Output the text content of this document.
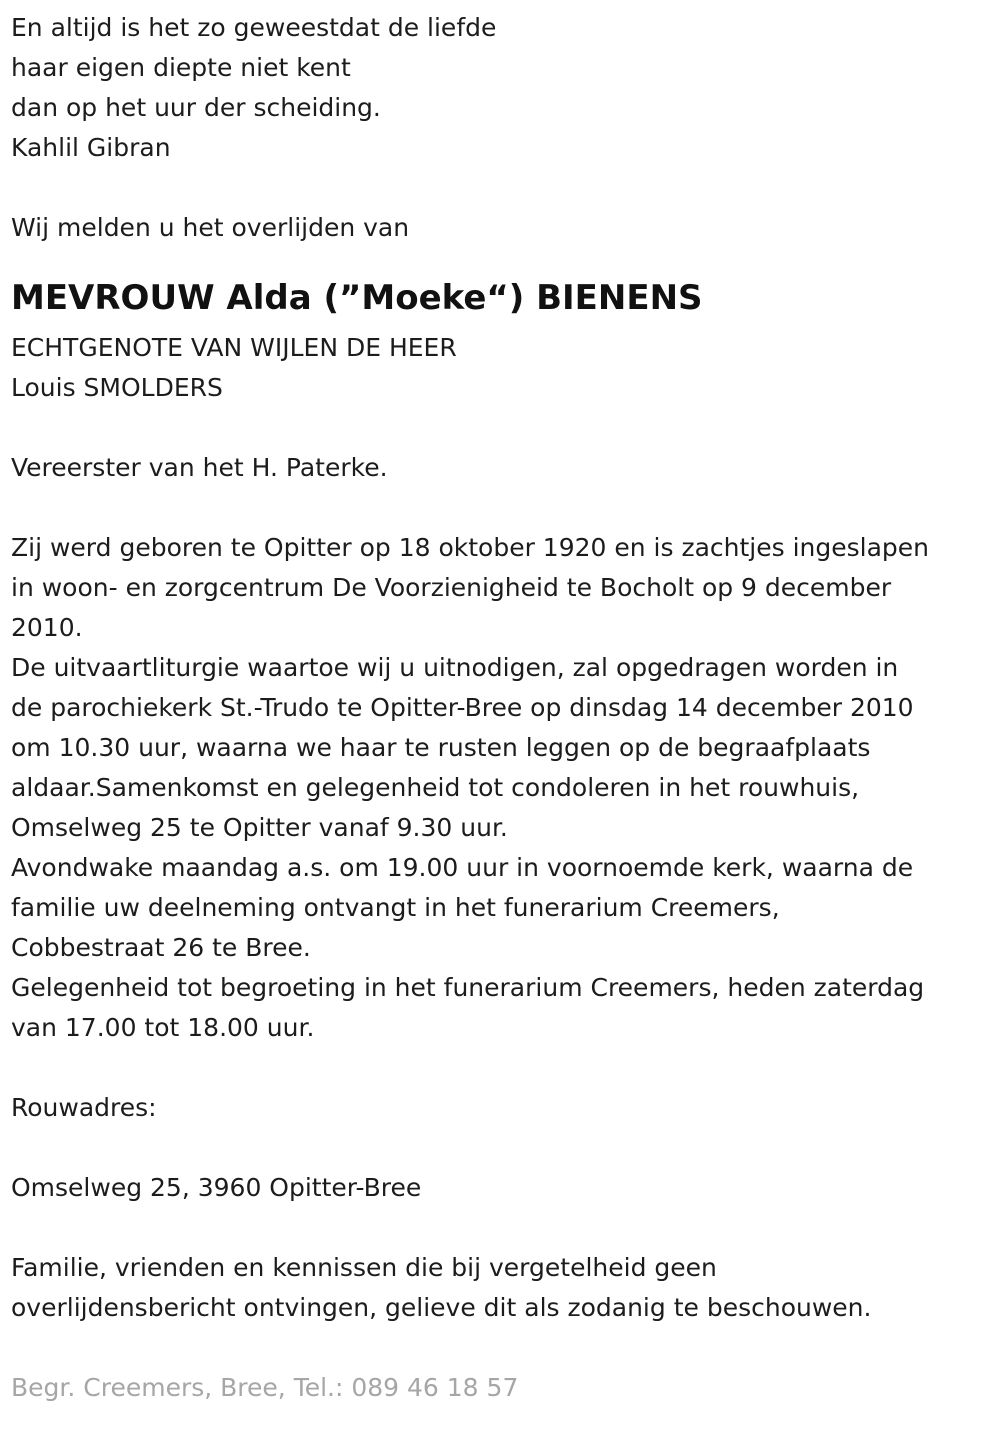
En altijd is het zo geweestdat de liefde
haar eigen diepte niet kent
dan op het uur der scheiding.
Kahlil Gibran
Wij melden u het overlijden van
MEVROUW Alda (”Moeke“) BIENENS
ECHTGENOTE VAN WIJLEN DE HEER
Louis SMOLDERS
Vereerster van het H. Paterke.
Zij werd geboren te Opitter op 18 oktober 1920 en is zachtjes ingeslapen
in woon- en zorgcentrum De Voorzienigheid te Bocholt op 9 december
2010.
De uitvaartliturgie waartoe wij u uitnodigen, zal opgedragen worden in
de parochiekerk St.-Trudo te Opitter-Bree op dinsdag 14 december 2010
om 10.30 uur, waarna we haar te rusten leggen op de begraafplaats
aldaar.Samenkomst en gelegenheid tot condoleren in het rouwhuis,
Omselweg 25 te Opitter vanaf 9.30 uur.
Avondwake maandag a.s. om 19.00 uur in voornoemde kerk, waarna de
familie uw deelneming ontvangt in het funerarium Creemers,
Cobbestraat 26 te Bree.
Gelegenheid tot begroeting in het funerarium Creemers, heden zaterdag
van 17.00 tot 18.00 uur.
Rouwadres:
Omselweg 25, 3960 Opitter-Bree
Familie, vrienden en kennissen die bij vergetelheid geen
overlijdensbericht ontvingen, gelieve dit als zodanig te beschouwen.
Begr. Creemers, Bree, Tel.: 089 46 18 57
